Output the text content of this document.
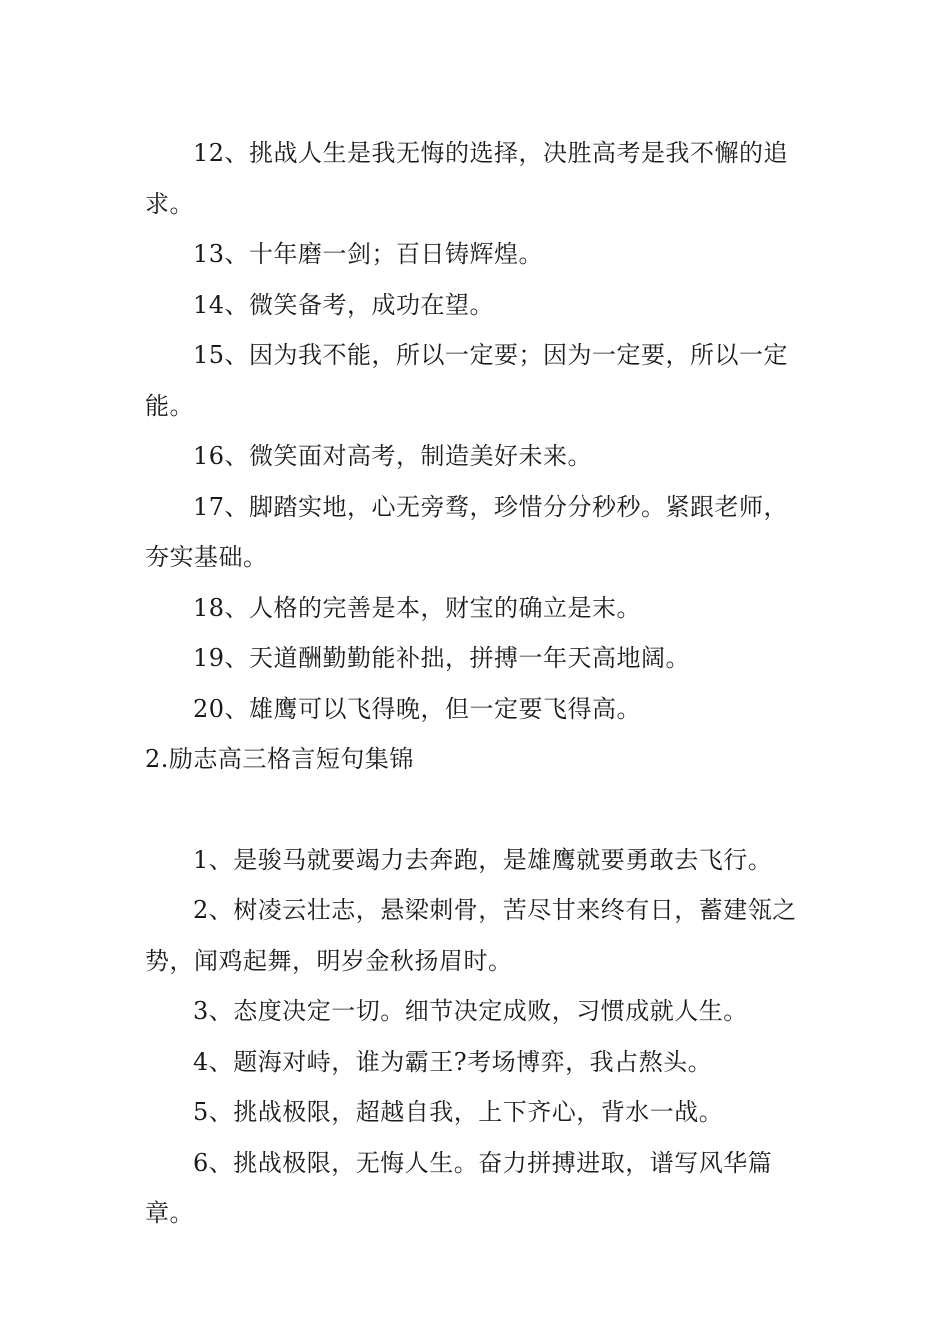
12、挑战人生是我无悔的选择，决胜高考是我不懈的追求。

13、十年磨一剑；百日铸辉煌。

14、微笑备考，成功在望。

15、因为我不能，所以一定要；因为一定要，所以一定能。

16、微笑面对高考，制造美好未来。

17、脚踏实地，心无旁骛，珍惜分分秒秒。紧跟老师，夯实基础。

18、人格的完善是本，财宝的确立是末。

19、天道酬勤勤能补拙，拼搏一年天高地阔。

20、雄鹰可以飞得晚，但一定要飞得高。

2.励志高三格言短句集锦

1、是骏马就要竭力去奔跑，是雄鹰就要勇敢去飞行。

2、树凌云壮志，悬梁刺骨，苦尽甘来终有日，蓄建瓴之势，闻鸡起舞，明岁金秋扬眉时。

3、态度决定一切。细节决定成败，习惯成就人生。

4、题海对峙，谁为霸王?考场博弈，我占熬头。

5、挑战极限，超越自我，上下齐心，背水一战。

6、挑战极限，无悔人生。奋力拼搏进取，谱写风华篇章。
